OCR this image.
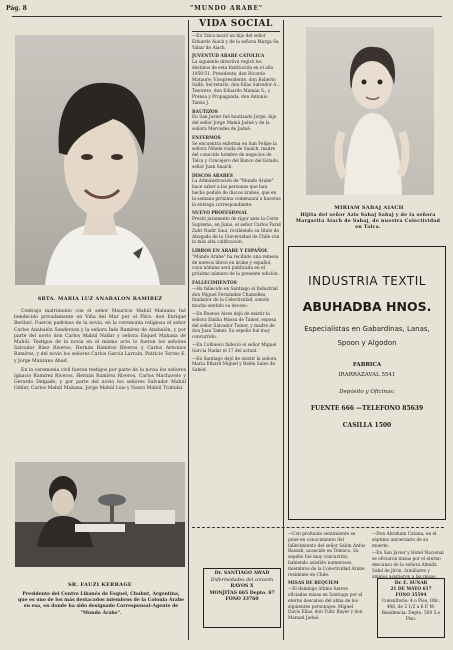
Pág. 8	"MUNDO ARABE"
SRTA. MARIA LUZ ANABALON RAMIREZ

Contrajo matrimonio con el señor Mauricio Mahúl Maluana fué bendecido privadamente en Viña del Mar por el Pbro. don Enrique Berilarí. Fueron padrinos de la novia, en la ceremonia religiosa el señor Carlos Anabalón Sanderson y la señora Inés Ramírez de Anabalón, y por parte del novio don Carlos Mahúl Nallar y señora Esquel Mahana de Mahúl. Testigos de la novia en el mismo acto lo fueron los señores Salvador Báez Riveros, Hernán Ramírez Riveros y Carlos Arévalos Ramírez, y del novio los señores Carlos García Larrain, Patricio Torres E. y Jorge Manzano Abad.

En la ceremonia civil fueron testigos por parte de la novia los señores Ignacio Ramírez Riveros, Hernán Ramírez Riveros, Carlos Machavelo y Gerardo Delgado, y por parte del novio los señores Salvador Mahúl Odilar, Carlos Mahúl Mahana, Jorge Mahúl Luis y Nasro Mahúl Trabulsi.

SR. FAUZI KERBAGE

Presidente del Centro Libanés de Esquel, Chubut, Argentina, que es uno de los más destacados miembros de la Colonia Árabe en esa, en donde ha sido designado Corresponsal-Agente de "Mundo Árabe".

VIDA SOCIAL
—En Talca nació un hijo del señor Eduardo Aiach y de la señora Marga Sa Yabar de Aiach.
JUVENTUD ARABE CATOLICA
La siguiente directiva regirá los destinos de esta Institución en el año 1950-51. Presidente, don Ricardo Mataure; Vicepresidente, don Roberto Sallá; Secretario, don Elías Salvador A.; Tesorero, don Eduardo Mamán S., y Prensa y Propaganda, don Antonio Tanús J.
BAUTIZOS
En San Javier fué bautizado Jorge, hijo del señor Jorge Mamá Jadué y de la señora Mercedes de Jadué.
ENFERMOS
Se encuentra enferma en San Felipe la señora Nihele viuda de Saaích, madre del conocido hombre de negocios de Talca y Concejero del Banco del Estado, señor Juan Saaích.
DISCOS ARABES
La Administración de "Mundo Árabe" hace saber a las personas que han hecho pedido de discos árabes, que en la semana próxima comenzará a hacerse la entrega correspondiente.
NUEVO PROFESIONAL
Prestó juramento de rigor ante la Corte Suprema, en Junio, el señor Carlos Farid Zahr Nadir Saui, recibiendo su título de Abogado de la Universidad de Chile con la más alta calificación.
LIBROS EN ÁRABE Y ESPAÑOL
"Mundo Árabe" ha recibido una remesa de nuevos libros en árabe y español, cuya nómina será publicada en el próximo número de la presente edición.
FALLECIMIENTOS
—Ha fallecido en Santiago el Industrial don Miguel Fernández Chamelles, fundador de la Colectividad, siendo mucho sentido su deceso.
—En Buenos Aires dejó de existir la señora Emilia Massa de Tamer, esposa del señor Salvador Tamer, y madre de don Juan Tamer. Su sepelio fué muy concurrido.
—En Coihueco falleció el señor Miguel García Nadar el 17 del actual.
—En Santiago dejó de existir la señora María Ethard Miguel y Belén Sales de Sahéd.
Dr. SANTIAGO AWAD
Enfermedades del corazón
RAYOS X
MONJITAS 665 Depto. 67
FONO 33760
MIRIAM SABAJ AIACH
Hijita del señor Azis Sabaj Sabaj y de la señora Margarita Aiach de Sabaj, de nuestra Colectividad en Talca.
INDUSTRIA TEXTIL
ABUHADBA HNOS.
Especialistas en Gabardinas, Lanas,
Spoon y Algodon
FABRICA
IRARRAZAVAL 5541
Depósito y Oficinas:
FUENTE 666 —TELEFONO 85639
CASILLA 1500
—Con profundo sentimiento se pone en conocimiento del fallecimiento del señor Salim Anfus Bassah, acaecido en Temuco. Su sepelio fué muy concurrido, habiendo asistido numerosos miembros de la Colectividad Árabe residente en Chile.
MISAS DE REQUIEM
—El domingo último fueron oficiadas misas en Santiago por el eterno descanso del alma de los siguientes personajes: Miguel Davis Elías, don Tufic Bayer y don Manuel Jadué.
—Don Abraham Catana, en el séptimo aniversario de su muerte.
—En San Javier y Hotel Nacional se oficiaron misas por el eterno descanso de la señora Almida Sahd de Jirón, familiares y amigos asistieron a las misas.
Dr. E. SUNAR
21 DE MAYO 617
FONO 35594
Consultorio: 4.o Piso, Ofic. 406, de 2 1/2 a 6 P. M.
Residencia: Depto. 500 5.o Piso.
